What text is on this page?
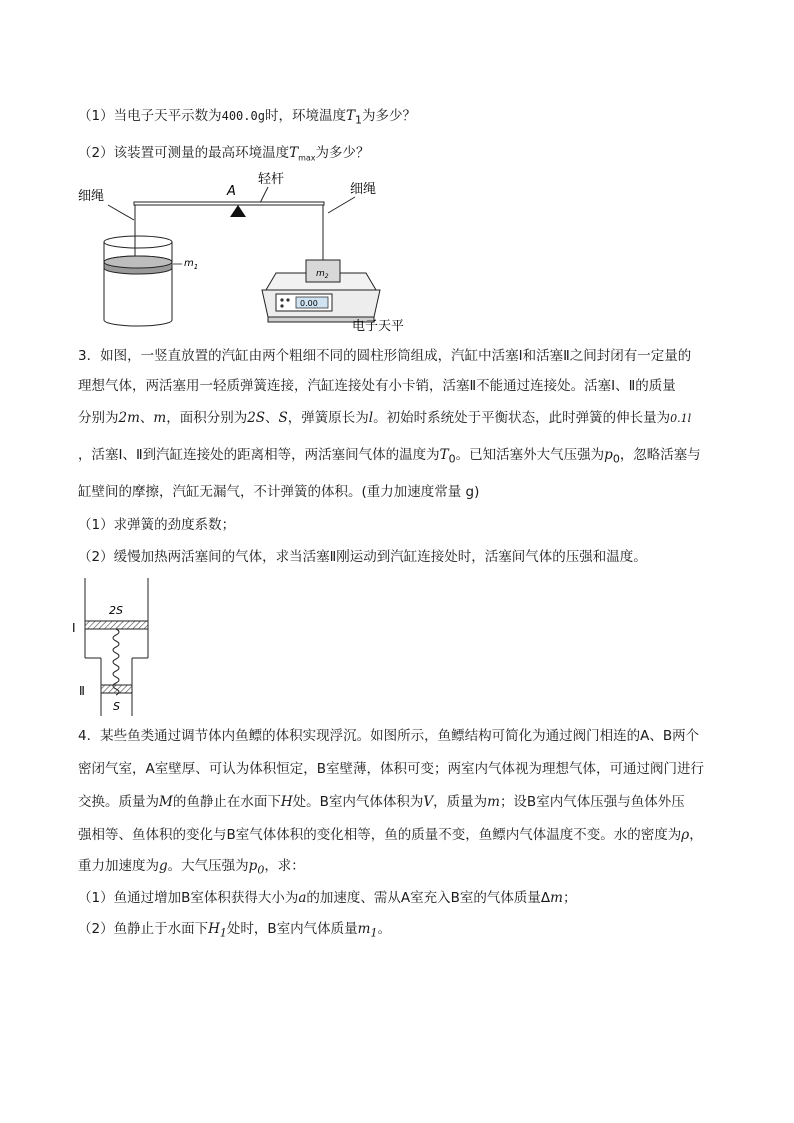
（1）当电子天平示数为400.0g时，环境温度$T_1$为多少？
（2）该装置可测量的最高环境温度$T_{max}$为多少？
细绳	A
轻杆
细绳
$m_1$
$m_2$
0.00
电子天平
3．如图，一竖直放置的汽缸由两个粗细不同的圆柱形筒组成，汽缸中活塞Ⅰ和活塞Ⅱ之间封闭有一定量的
理想气体，两活塞用一轻质弹簧连接，汽缸连接处有小卡销，活塞Ⅱ不能通过连接处。活塞Ⅰ、Ⅱ的质量
分别为2m、m，面积分别为2S、S，弹簧原长为l。初始时系统处于平衡状态，此时弹簧的伸长量为0.1l
，活塞Ⅰ、Ⅱ到汽缸连接处的距离相等，两活塞间气体的温度为$T_0$。已知活塞外大气压强为$p_0$，忽略活塞与
缸壁间的摩擦，汽缸无漏气，不计弹簧的体积。(重力加速度常量 g)
（1）求弹簧的劲度系数；
（2）缓慢加热两活塞间的气体，求当活塞Ⅱ刚运动到汽缸连接处时，活塞间气体的压强和温度。
2S
Ⅰ
Ⅱ
S
4．某些鱼类通过调节体内鱼鳔的体积实现浮沉。如图所示，鱼鳔结构可简化为通过阀门相连的A、B两个
密闭气室，A室壁厚、可认为体积恒定，B室壁薄，体积可变；两室内气体视为理想气体，可通过阀门进行
交换。质量为M的鱼静止在水面下H处。B室内气体体积为V，质量为m；设B室内气体压强与鱼体外压
强相等、鱼体积的变化与B室气体体积的变化相等，鱼的质量不变，鱼鳔内气体温度不变。水的密度为ρ，
重力加速度为g。大气压强为$p_0$，求：
（1）鱼通过增加B室体积获得大小为a的加速度、需从A室充入B室的气体质量Δm；
（2）鱼静止于水面下$H_1$处时，B室内气体质量$m_1$。
